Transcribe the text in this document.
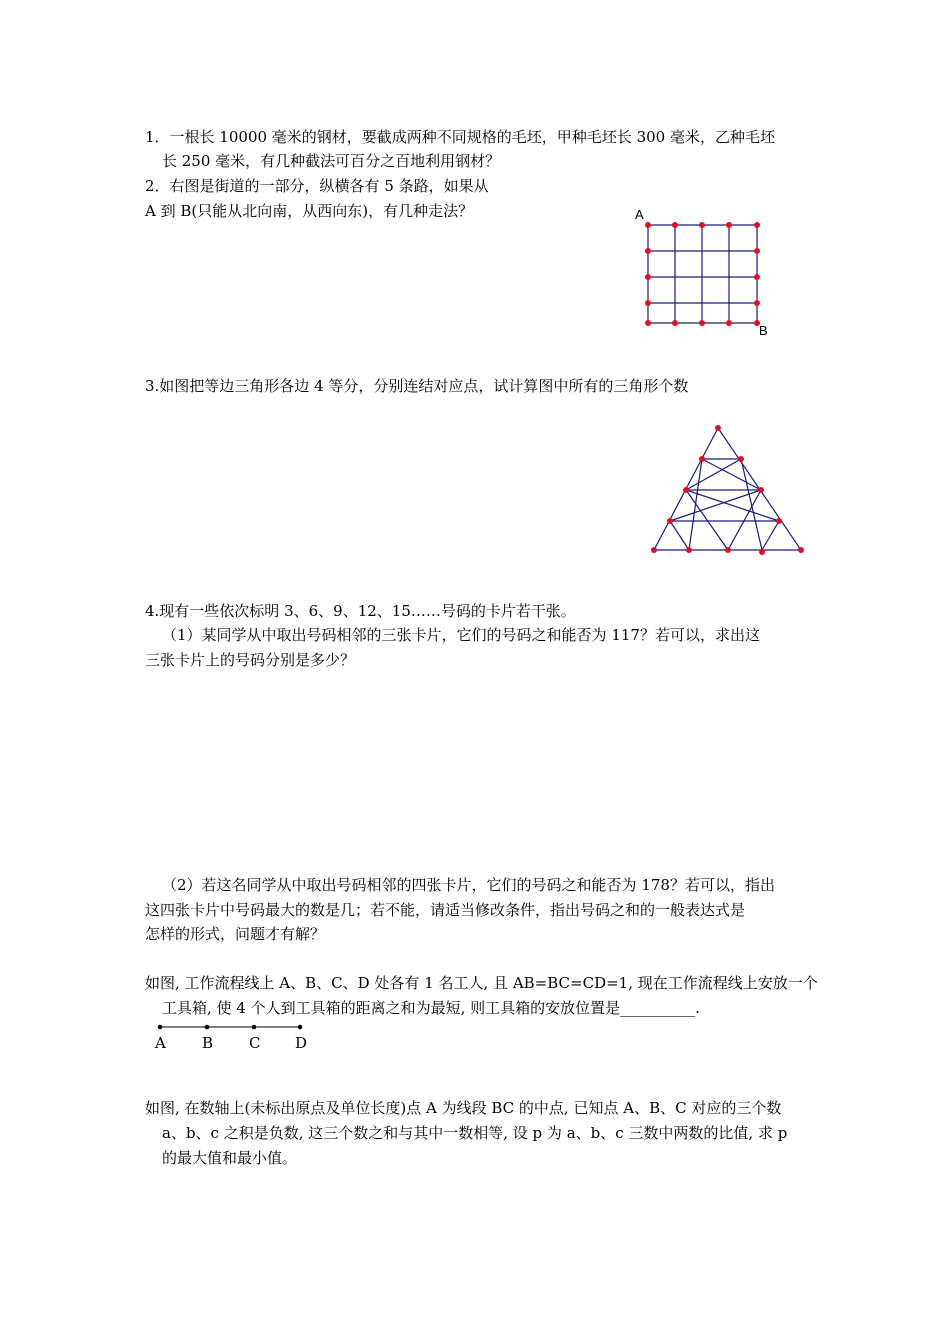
1．一根长 10000 毫米的钢材，要截成两种不同规格的毛坯，甲种毛坯长 300 毫米，乙种毛坯
长 250 毫米，有几种截法可百分之百地利用钢材？
2．右图是街道的一部分，纵横各有 5 条路，如果从
A 到 B(只能从北向南，从西向东)，有几种走法？	A
B
3.如图把等边三角形各边 4 等分，分别连结对应点，试计算图中所有的三角形个数
4.现有一些依次标明 3、6、9、12、15……号码的卡片若干张。
（1）某同学从中取出号码相邻的三张卡片，它们的号码之和能否为 117？若可以，求出这
三张卡片上的号码分别是多少？
（2）若这名同学从中取出号码相邻的四张卡片，它们的号码之和能否为 178？若可以，指出
这四张卡片中号码最大的数是几；若不能，请适当修改条件，指出号码之和的一般表达式是
怎样的形式，问题才有解？
如图, 工作流程线上 A、B、C、D 处各有 1 名工人, 且 AB=BC=CD=1, 现在工作流程线上安放一个
工具箱, 使 4 个人到工具箱的距离之和为最短, 则工具箱的安放位置是__________.
A B C D
如图, 在数轴上(未标出原点及单位长度)点 A 为线段 BC 的中点, 已知点 A、B、C 对应的三个数
a、b、c 之积是负数, 这三个数之和与其中一数相等, 设 p 为 a、b、c 三数中两数的比值, 求 p
的最大值和最小值。
